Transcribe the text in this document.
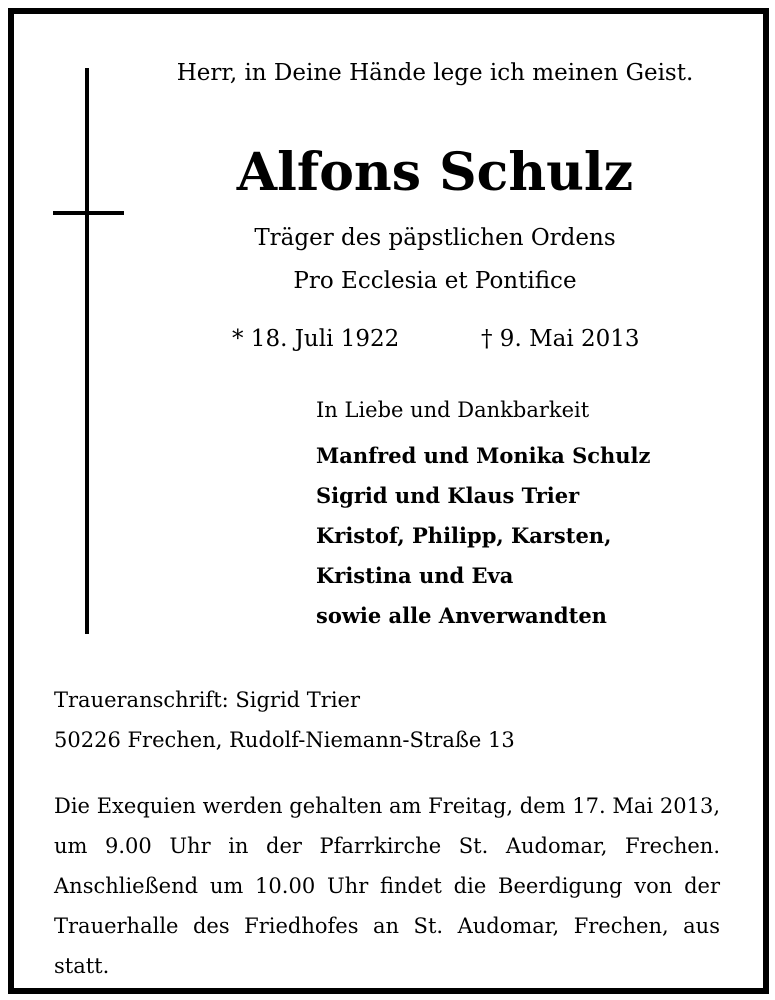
Herr, in Deine Hände lege ich meinen Geist.
Alfons Schulz
Träger des päpstlichen Ordens
Pro Ecclesia et Pontifice
* 18. Juli 1922	† 9. Mai 2013
In Liebe und Dankbarkeit
Manfred und Monika Schulz
Sigrid und Klaus Trier
Kristof, Philipp, Karsten,
Kristina und Eva
sowie alle Anverwandten
Traueranschrift: Sigrid Trier
50226 Frechen, Rudolf-Niemann-Straße 13

Die Exequien werden gehalten am Freitag, dem 17. Mai 2013, um 9.00 Uhr in der Pfarrkirche St. Audomar, Frechen. Anschließend um 10.00 Uhr findet die Beerdigung von der Trauerhalle des Friedhofes an St. Audomar, Frechen, aus statt.
